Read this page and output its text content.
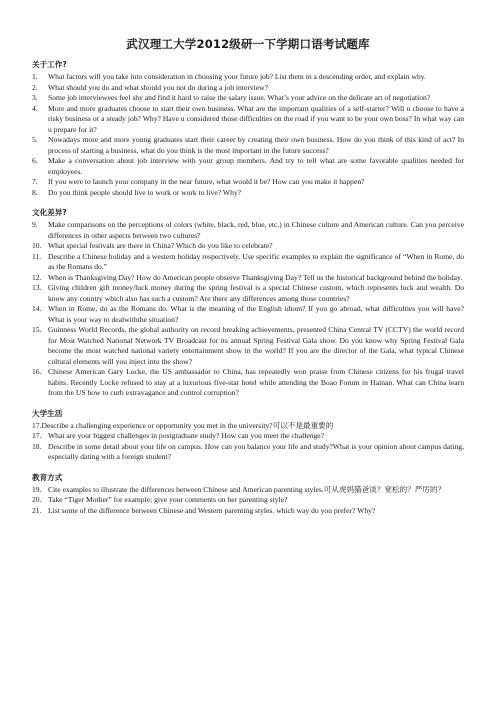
武汉理工大学2012级研一下学期口语考试题库
关于工作?
1.	What factors will you take into consideration in choosing your future job? List them in a descending order, and explain why.
2.	What should you do and what should you not do during a job interview?
3.	Some job interviewees feel shy and find it hard to raise the salary issue. What’s your advice on the delicate art of negotiation?
4.	More and more graduates choose to start their own business. What are the important qualities of a self-starter? Will u choose to have a risky business or a steady job? Why? Have u considered those difficulties on the road if you want to be your own boss? In what way can u prepare for it?
5.	Nowadays more and more young graduates start their career by creating their own business. How do you think of this kind of act? In process of starting a business, what do you think is the most important in the future success?
6.	Make a conversation about job interview with your group members. And try to tell what are some favorable qualities needed for employees.
7.	If you were to launch your company in the near future, what would it be? How can you make it happen?
8.	Do you think people should live to work or work to live? Why?
文化差异?
9.	Make comparisons on the perceptions of colors (white, black, red, blue, etc.) in Chinese culture and American culture. Can you perceive differences in other aspects between two cultures?
10. What special festivals are there in China? Which do you like to celebrate?
11. Describe a Chinese holiday and a western holiday respectively. Use specific examples to explain the significance of “When in Rome, do as the Romans do.”
12. When is Thanksgiving Day? How do American people observe Thanksgiving Day? Tell us the historical background behind the holiday.
13. Giving children gift money/luck money during the spring festival is a special Chinese custom, which represents luck and wealth. Do know any country which also has such a custom? Are there any differences among those countries?
14. When in Rome, do as the Romans do. What is the meaning of the English idiom? If you go abroad, what difficulties you will have? What is your way to dealwiththe situation?
15. Guinness World Records, the global authority on record breaking achievements, presented China Central TV (CCTV) the world record for Most Watched National Network TV Broadcast for its annual Spring Festival Gala show. Do you know why Spring Festival Gala become the most watched national variety entertainment show in the world? If you are the director of the Gala, what typical Chinese cultural elements will you inject into the show?
16. Chinese American Gary Locke, the US ambassador to China, has repeatedly won praise from Chinese citizens for his frugal travel habits. Recently Locke refused to stay at a luxurious five-star hotel while attending the Boao Forum in Hainan. What can China learn from the US how to curb extravagance and control corruption?
大学生活
17. Describe a challenging experience or opportunity you met in the university?可以不是最重要的
17. What are your biggest challenges in postgraduate study? How can you meet the challenge?
18. Describe in some detail about your life on campus. How can you balance your life and study?What is your opinion about campus dating, especially dating with a foreign student?
教育方式
19. Cite examples to illustrate the differences between Chinese and American parenting styles.可从虎妈猫爸谈？宽松的？严厉的？
20. Take “Tiger Mother” for example; give your comments on her parenting style?
21. List some of the difference between Chinese and Western parenting styles. which way do you prefer? Why?
